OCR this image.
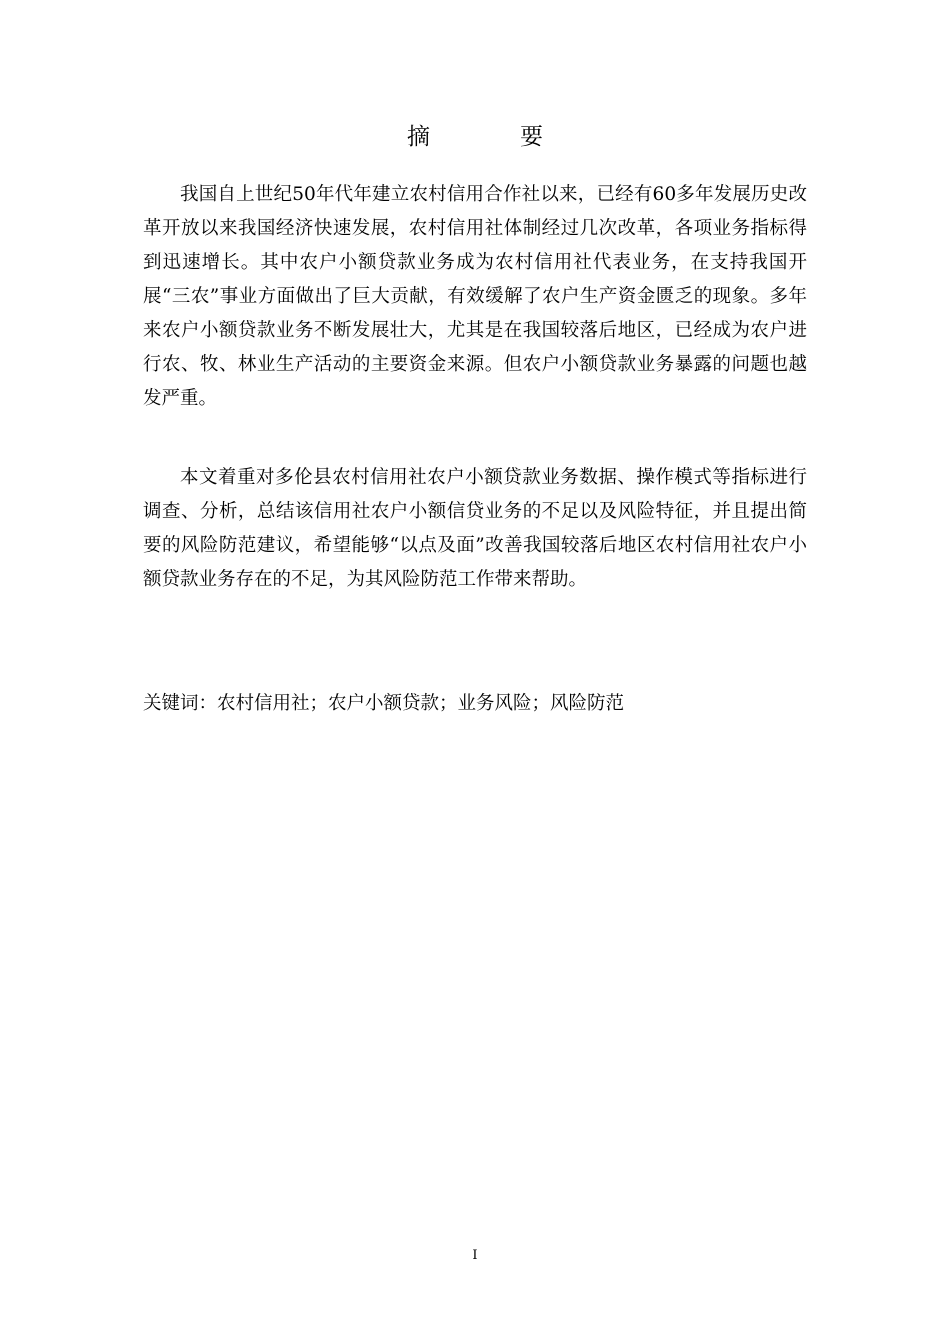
摘要

我国自上世纪50年代年建立农村信用合作社以来，已经有60多年发展历史改革开放以来我国经济快速发展，农村信用社体制经过几次改革，各项业务指标得到迅速增长。其中农户小额贷款业务成为农村信用社代表业务，在支持我国开展“三农”事业方面做出了巨大贡献，有效缓解了农户生产资金匮乏的现象。多年来农户小额贷款业务不断发展壮大，尤其是在我国较落后地区，已经成为农户进行农、牧、林业生产活动的主要资金来源。但农户小额贷款业务暴露的问题也越发严重。

本文着重对多伦县农村信用社农户小额贷款业务数据、操作模式等指标进行调查、分析，总结该信用社农户小额信贷业务的不足以及风险特征，并且提出简要的风险防范建议，希望能够“以点及面”改善我国较落后地区农村信用社农户小额贷款业务存在的不足，为其风险防范工作带来帮助。

关键词：农村信用社；农户小额贷款；业务风险；风险防范
I
